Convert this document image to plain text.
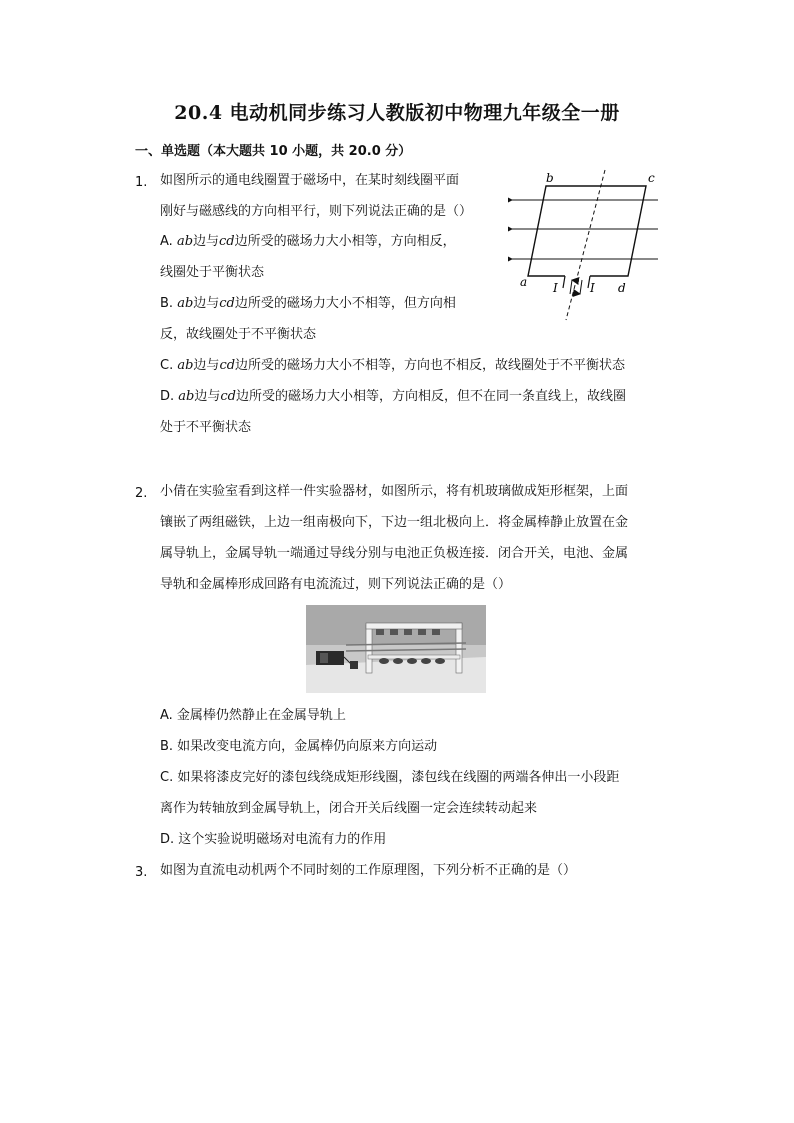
20.4 电动机同步练习人教版初中物理九年级全一册
一、单选题（本大题共 10 小题，共 20.0 分）
1. 如图所示的通电线圈置于磁场中，在某时刻线圈平面
刚好与磁感线的方向相平行，则下列说法正确的是（）
A. ab边与cd边所受的磁场力大小相等，方向相反，
线圈处于平衡状态
B. ab边与cd边所受的磁场力大小不相等，但方向相
反，故线圈处于不平衡状态
C. ab边与cd边所受的磁场力大小不相等，方向也不相反，故线圈处于不平衡状态
D. ab边与cd边所受的磁场力大小相等，方向相反，但不在同一条直线上，故线圈
处于不平衡状态
b	c
a	d
I	I
2. 小倩在实验室看到这样一件实验器材，如图所示，将有机玻璃做成矩形框架，上面
镶嵌了两组磁铁，上边一组南极向下，下边一组北极向上．将金属棒静止放置在金
属导轨上，金属导轨一端通过导线分别与电池正负极连接．闭合开关，电池、金属
导轨和金属棒形成回路有电流流过，则下列说法正确的是（）
A. 金属棒仍然静止在金属导轨上
B. 如果改变电流方向，金属棒仍向原来方向运动
C. 如果将漆皮完好的漆包线绕成矩形线圈，漆包线在线圈的两端各伸出一小段距
离作为转轴放到金属导轨上，闭合开关后线圈一定会连续转动起来
D. 这个实验说明磁场对电流有力的作用
3. 如图为直流电动机两个不同时刻的工作原理图，下列分析不正确的是（）
